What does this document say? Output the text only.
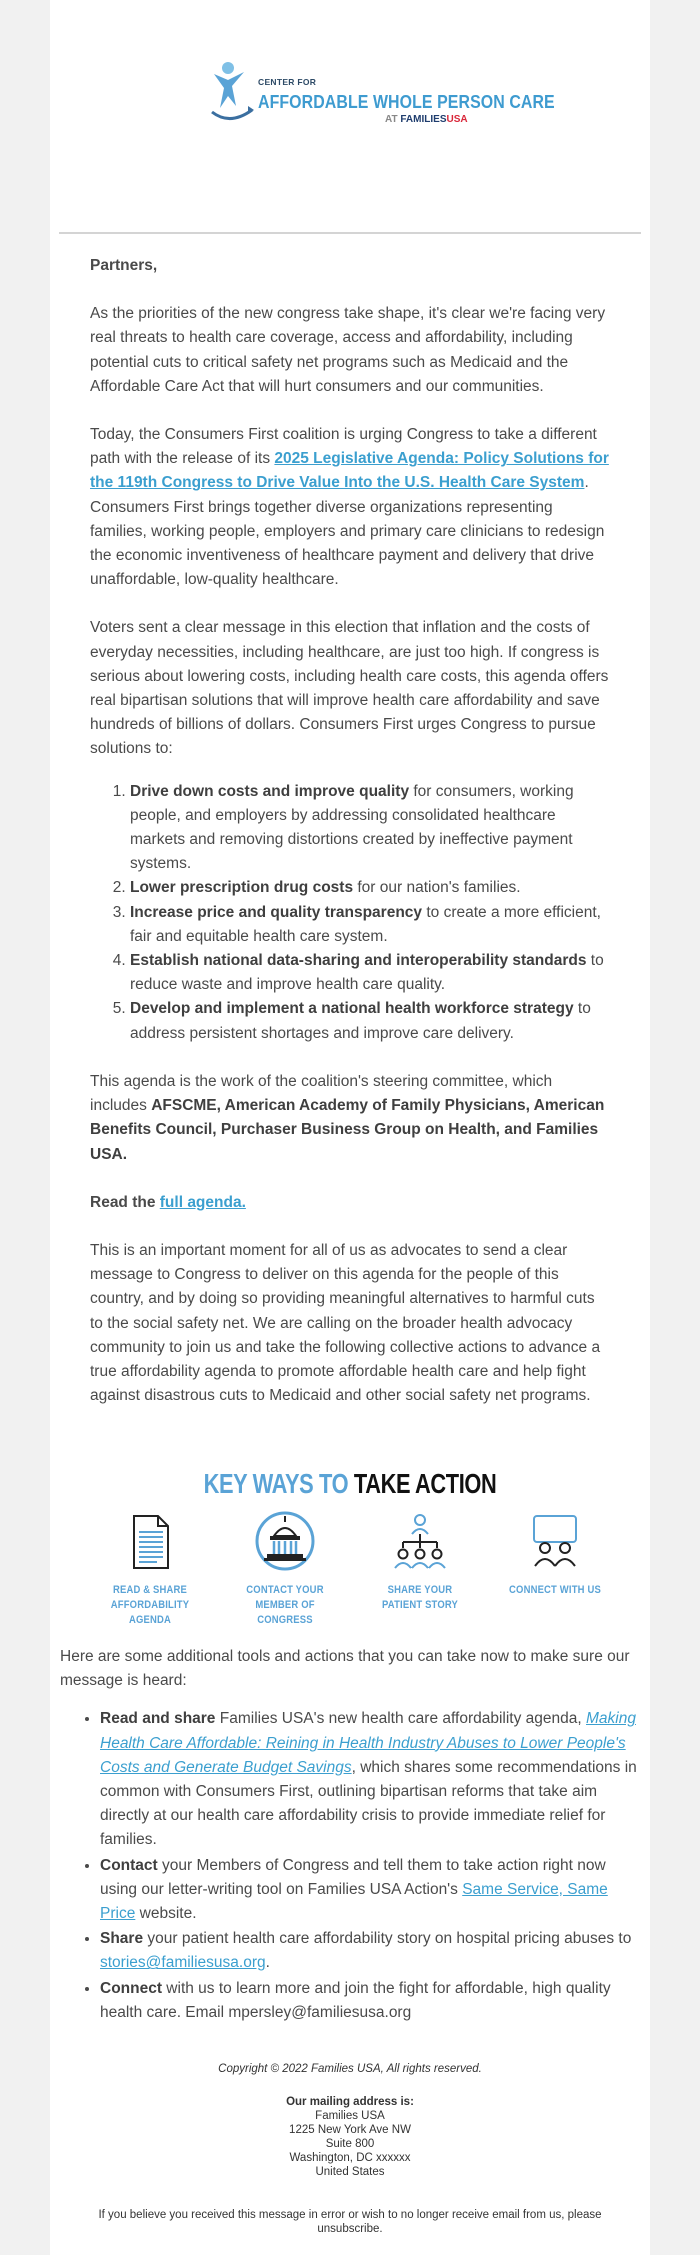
CENTER FOR
AFFORDABLE WHOLE PERSON CARE
AT FAMILIESUSA

Partners,

As the priorities of the new congress take shape, it's clear we're facing very real threats to health care coverage, access and affordability, including potential cuts to critical safety net programs such as Medicaid and the Affordable Care Act that will hurt consumers and our communities.

Today, the Consumers First coalition is urging Congress to take a different path with the release of its 2025 Legislative Agenda: Policy Solutions for the 119th Congress to Drive Value Into the U.S. Health Care System. Consumers First brings together diverse organizations representing families, working people, employers and primary care clinicians to redesign the economic inventiveness of healthcare payment and delivery that drive unaffordable, low-quality healthcare.

Voters sent a clear message in this election that inflation and the costs of everyday necessities, including healthcare, are just too high. If congress is serious about lowering costs, including health care costs, this agenda offers real bipartisan solutions that will improve health care affordability and save hundreds of billions of dollars. Consumers First urges Congress to pursue solutions to:

1. Drive down costs and improve quality for consumers, working people, and employers by addressing consolidated healthcare markets and removing distortions created by ineffective payment systems.
2. Lower prescription drug costs for our nation's families.
3. Increase price and quality transparency to create a more efficient, fair and equitable health care system.
4. Establish national data-sharing and interoperability standards to reduce waste and improve health care quality.
5. Develop and implement a national health workforce strategy to address persistent shortages and improve care delivery.

This agenda is the work of the coalition's steering committee, which includes AFSCME, American Academy of Family Physicians, American Benefits Council, Purchaser Business Group on Health, and Families USA.

Read the full agenda.

This is an important moment for all of us as advocates to send a clear message to Congress to deliver on this agenda for the people of this country, and by doing so providing meaningful alternatives to harmful cuts to the social safety net. We are calling on the broader health advocacy community to join us and take the following collective actions to advance a true affordability agenda to promote affordable health care and help fight against disastrous cuts to Medicaid and other social safety net programs.

KEY WAYS TO TAKE ACTION
READ & SHARE
AFFORDABILITY AGENDA
CONTACT YOUR
MEMBER OF CONGRESS
SHARE YOUR
PATIENT STORY
CONNECT WITH US
Here are some additional tools and actions that you can take now to make sure our message is heard:
• Read and share Families USA's new health care affordability agenda, Making Health Care Affordable: Reining in Health Industry Abuses to Lower People's Costs and Generate Budget Savings, which shares some recommendations in common with Consumers First, outlining bipartisan reforms that take aim directly at our health care affordability crisis to provide immediate relief for families.
• Contact your Members of Congress and tell them to take action right now using our letter-writing tool on Families USA Action's Same Service, Same Price website.
• Share your patient health care affordability story on hospital pricing abuses to stories@familiesusa.org.
• Connect with us to learn more and join the fight for affordable, high quality health care. Email mpersley@familiesusa.org
Copyright © 2022 Families USA, All rights reserved.
Our mailing address is:
Families USA
1225 New York Ave NW
Suite 800
Washington, DC xxxxxx
United States
If you believe you received this message in error or wish to no longer receive email from us, please unsubscribe.
